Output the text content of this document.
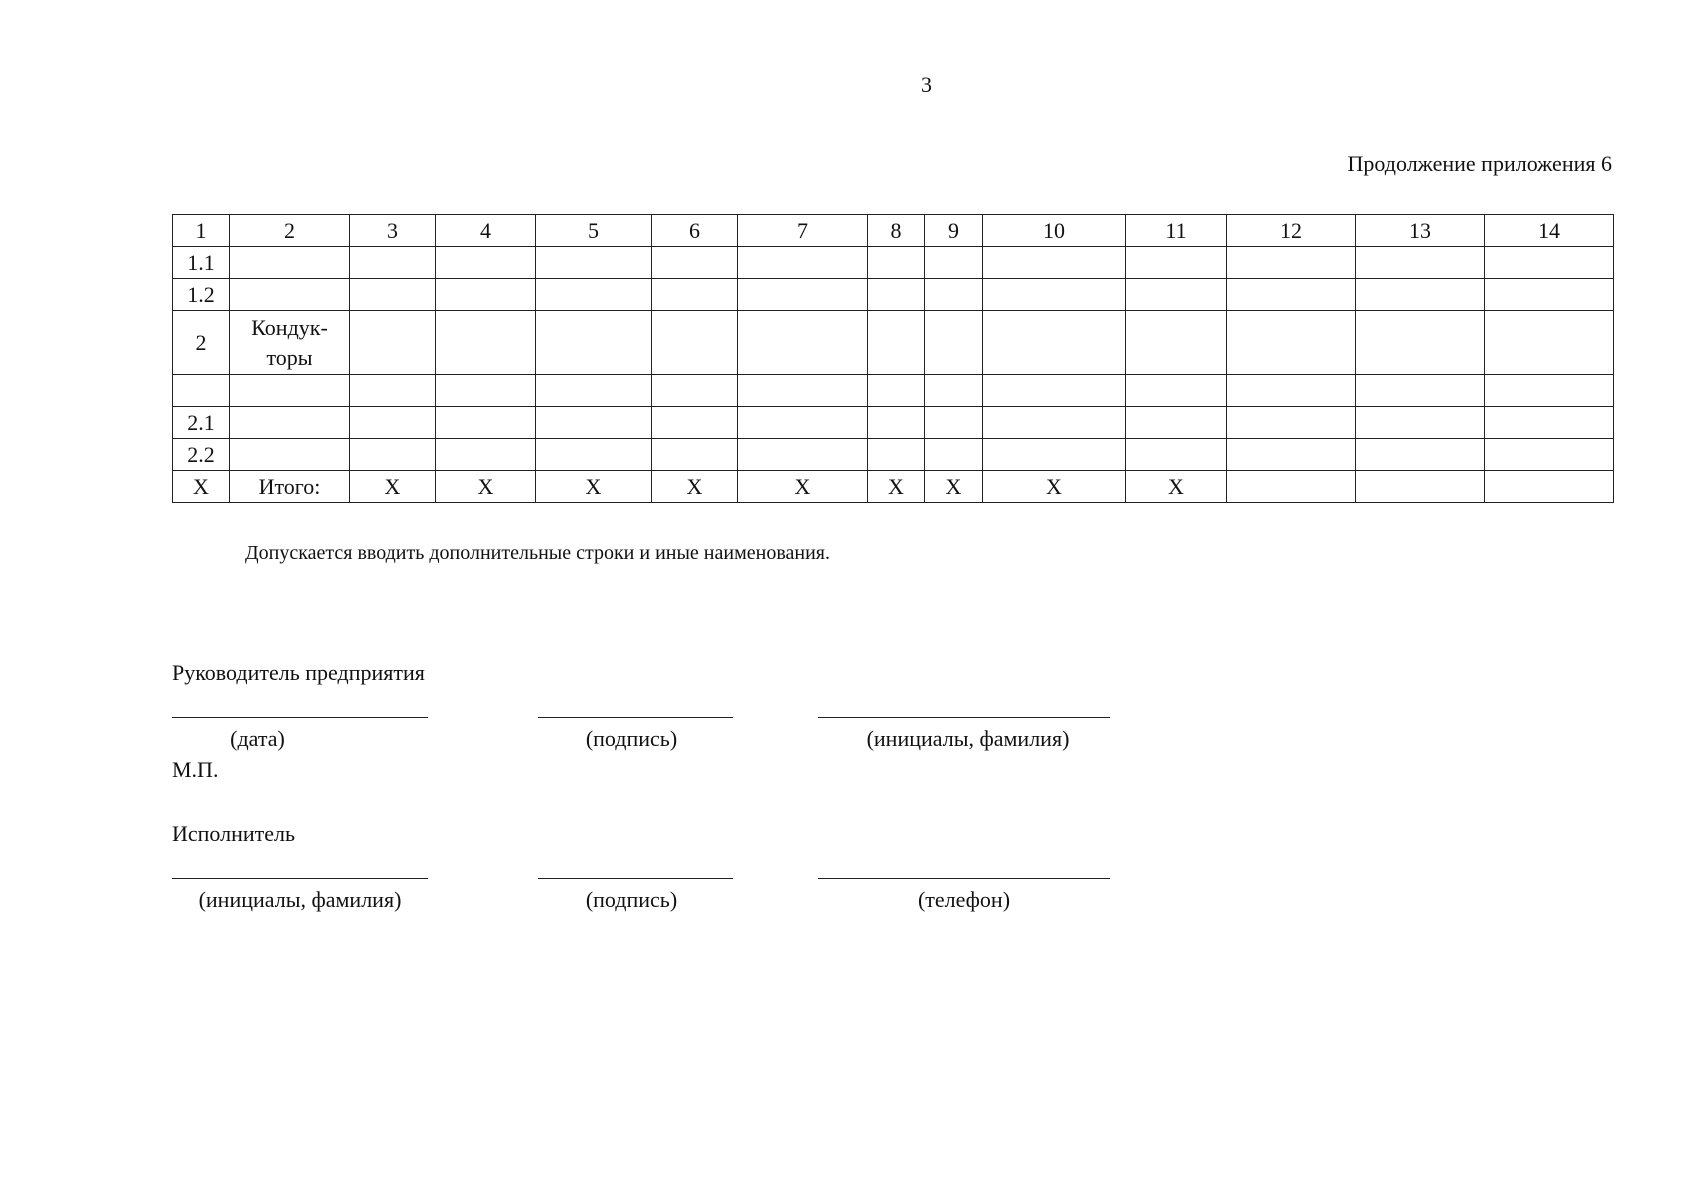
3
Продолжение приложения 6
1	2	3	4	5	6	7	8	9	10	11	12	13	14
1.1													
1.2													
2	Кондук-торы												

2.1													
2.2													
X	Итого:	X	X	X	X	X	X	X	X	X			
Допускается вводить дополнительные строки и иные наименования.
Руководитель предприятия
(дата)	(подпись)	(инициалы, фамилия)
М.П.
Исполнитель
(инициалы, фамилия)	(подпись)	(телефон)
